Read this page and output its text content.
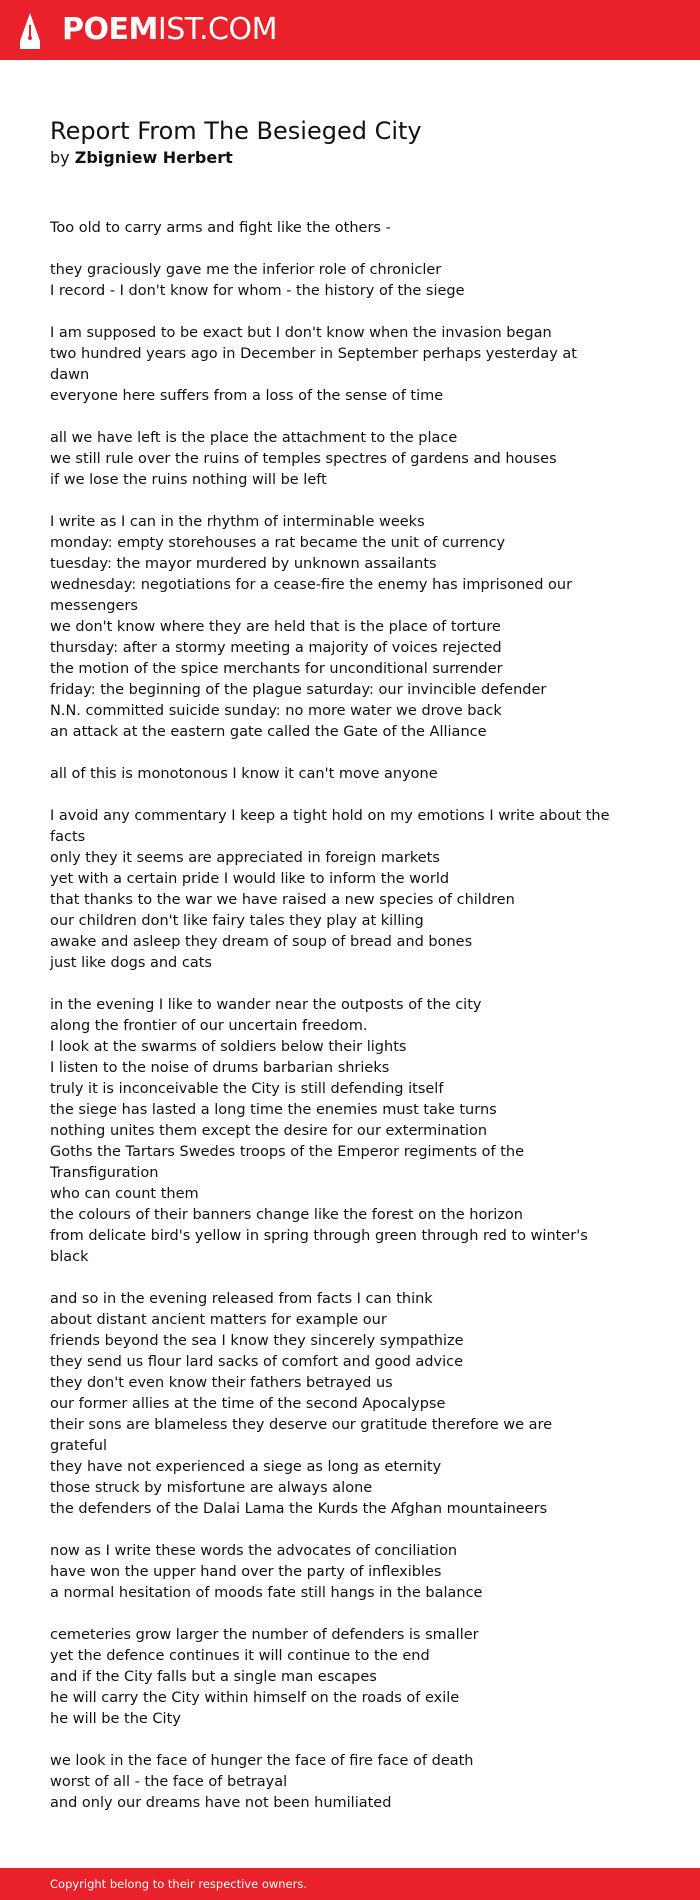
POEMIST.COM
Report From The Besieged City
by Zbigniew Herbert
Too old to carry arms and fight like the others -
they graciously gave me the inferior role of chronicler
I record - I don't know for whom - the history of the siege
I am supposed to be exact but I don't know when the invasion began
two hundred years ago in December in September perhaps yesterday at dawn
everyone here suffers from a loss of the sense of time
all we have left is the place the attachment to the place
we still rule over the ruins of temples spectres of gardens and houses
if we lose the ruins nothing will be left
I write as I can in the rhythm of interminable weeks
monday: empty storehouses a rat became the unit of currency
tuesday: the mayor murdered by unknown assailants
wednesday: negotiations for a cease-fire the enemy has imprisoned our messengers
we don't know where they are held that is the place of torture
thursday: after a stormy meeting a majority of voices rejected
the motion of the spice merchants for unconditional surrender
friday: the beginning of the plague saturday: our invincible defender
N.N. committed suicide sunday: no more water we drove back
an attack at the eastern gate called the Gate of the Alliance
all of this is monotonous I know it can't move anyone
I avoid any commentary I keep a tight hold on my emotions I write about the facts
only they it seems are appreciated in foreign markets
yet with a certain pride I would like to inform the world
that thanks to the war we have raised a new species of children
our children don't like fairy tales they play at killing
awake and asleep they dream of soup of bread and bones
just like dogs and cats
in the evening I like to wander near the outposts of the city
along the frontier of our uncertain freedom.
I look at the swarms of soldiers below their lights
I listen to the noise of drums barbarian shrieks
truly it is inconceivable the City is still defending itself
the siege has lasted a long time the enemies must take turns
nothing unites them except the desire for our extermination
Goths the Tartars Swedes troops of the Emperor regiments of the Transfiguration
who can count them
the colours of their banners change like the forest on the horizon
from delicate bird's yellow in spring through green through red to winter's black
and so in the evening released from facts I can think
about distant ancient matters for example our
friends beyond the sea I know they sincerely sympathize
they send us flour lard sacks of comfort and good advice
they don't even know their fathers betrayed us
our former allies at the time of the second Apocalypse
their sons are blameless they deserve our gratitude therefore we are grateful
they have not experienced a siege as long as eternity
those struck by misfortune are always alone
the defenders of the Dalai Lama the Kurds the Afghan mountaineers
now as I write these words the advocates of conciliation
have won the upper hand over the party of inflexibles
a normal hesitation of moods fate still hangs in the balance
cemeteries grow larger the number of defenders is smaller
yet the defence continues it will continue to the end
and if the City falls but a single man escapes
he will carry the City within himself on the roads of exile
he will be the City
we look in the face of hunger the face of fire face of death
worst of all - the face of betrayal
and only our dreams have not been humiliated
Copyright belong to their respective owners.
